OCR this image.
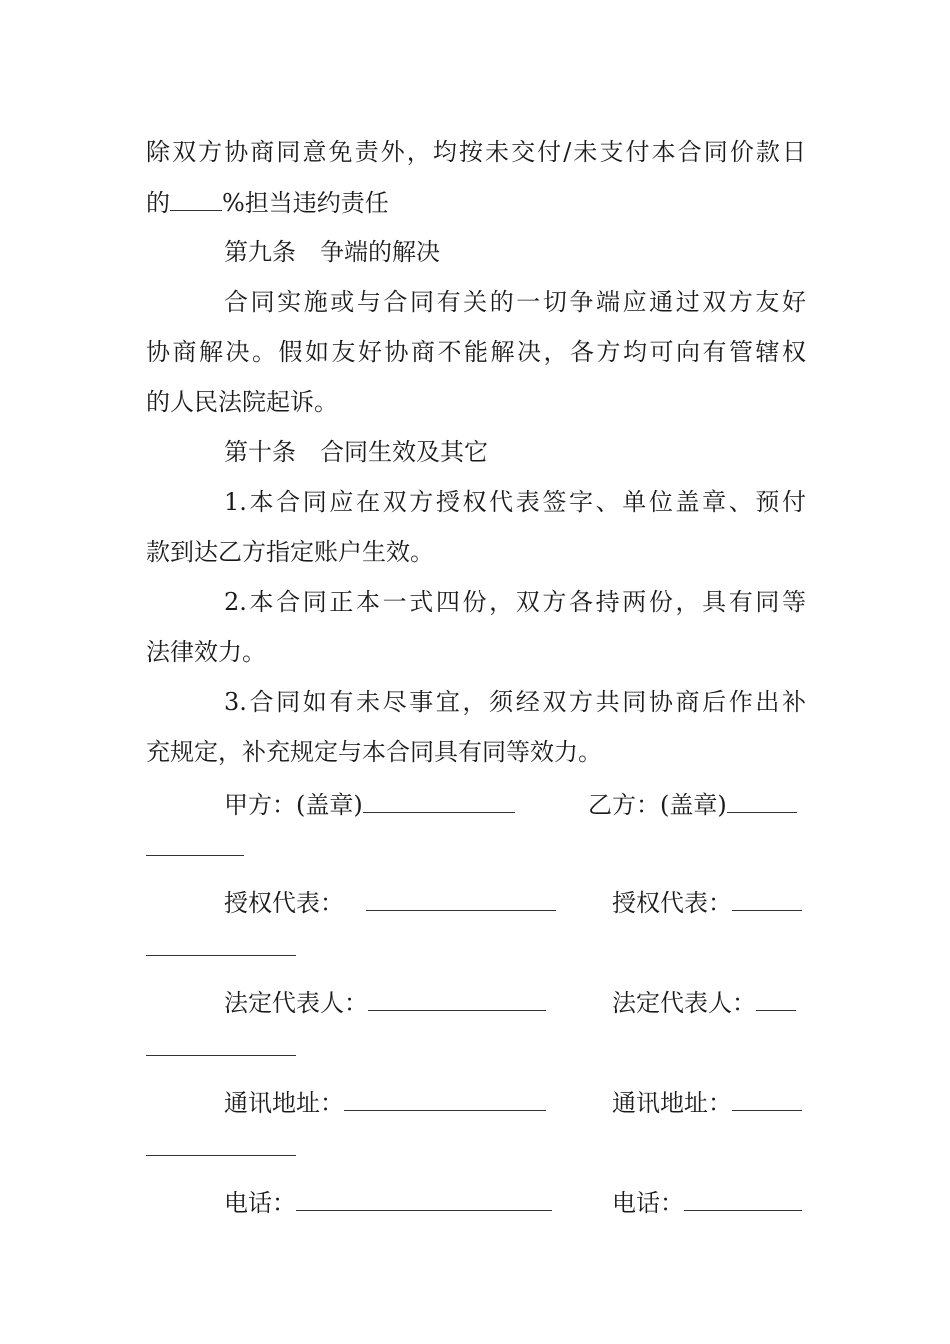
除双方协商同意免责外，均按未交付/未支付本合同价款日
的 %担当违约责任
第九条　争端的解决
合同实施或与合同有关的一切争端应通过双方友好
协商解决。假如友好协商不能解决，各方均可向有管辖权
的人民法院起诉。
第十条　合同生效及其它
1.本合同应在双方授权代表签字、单位盖章、预付
款到达乙方指定账户生效。
2.本合同正本一式四份，双方各持两份，具有同等
法律效力。
3.合同如有未尽事宜，须经双方共同协商后作出补
充规定，补充规定与本合同具有同等效力。
甲方：(盖章)	乙方：(盖章)
授权代表：	授权代表：
法定代表人：	法定代表人：
通讯地址：	通讯地址：
电话：	电话：
